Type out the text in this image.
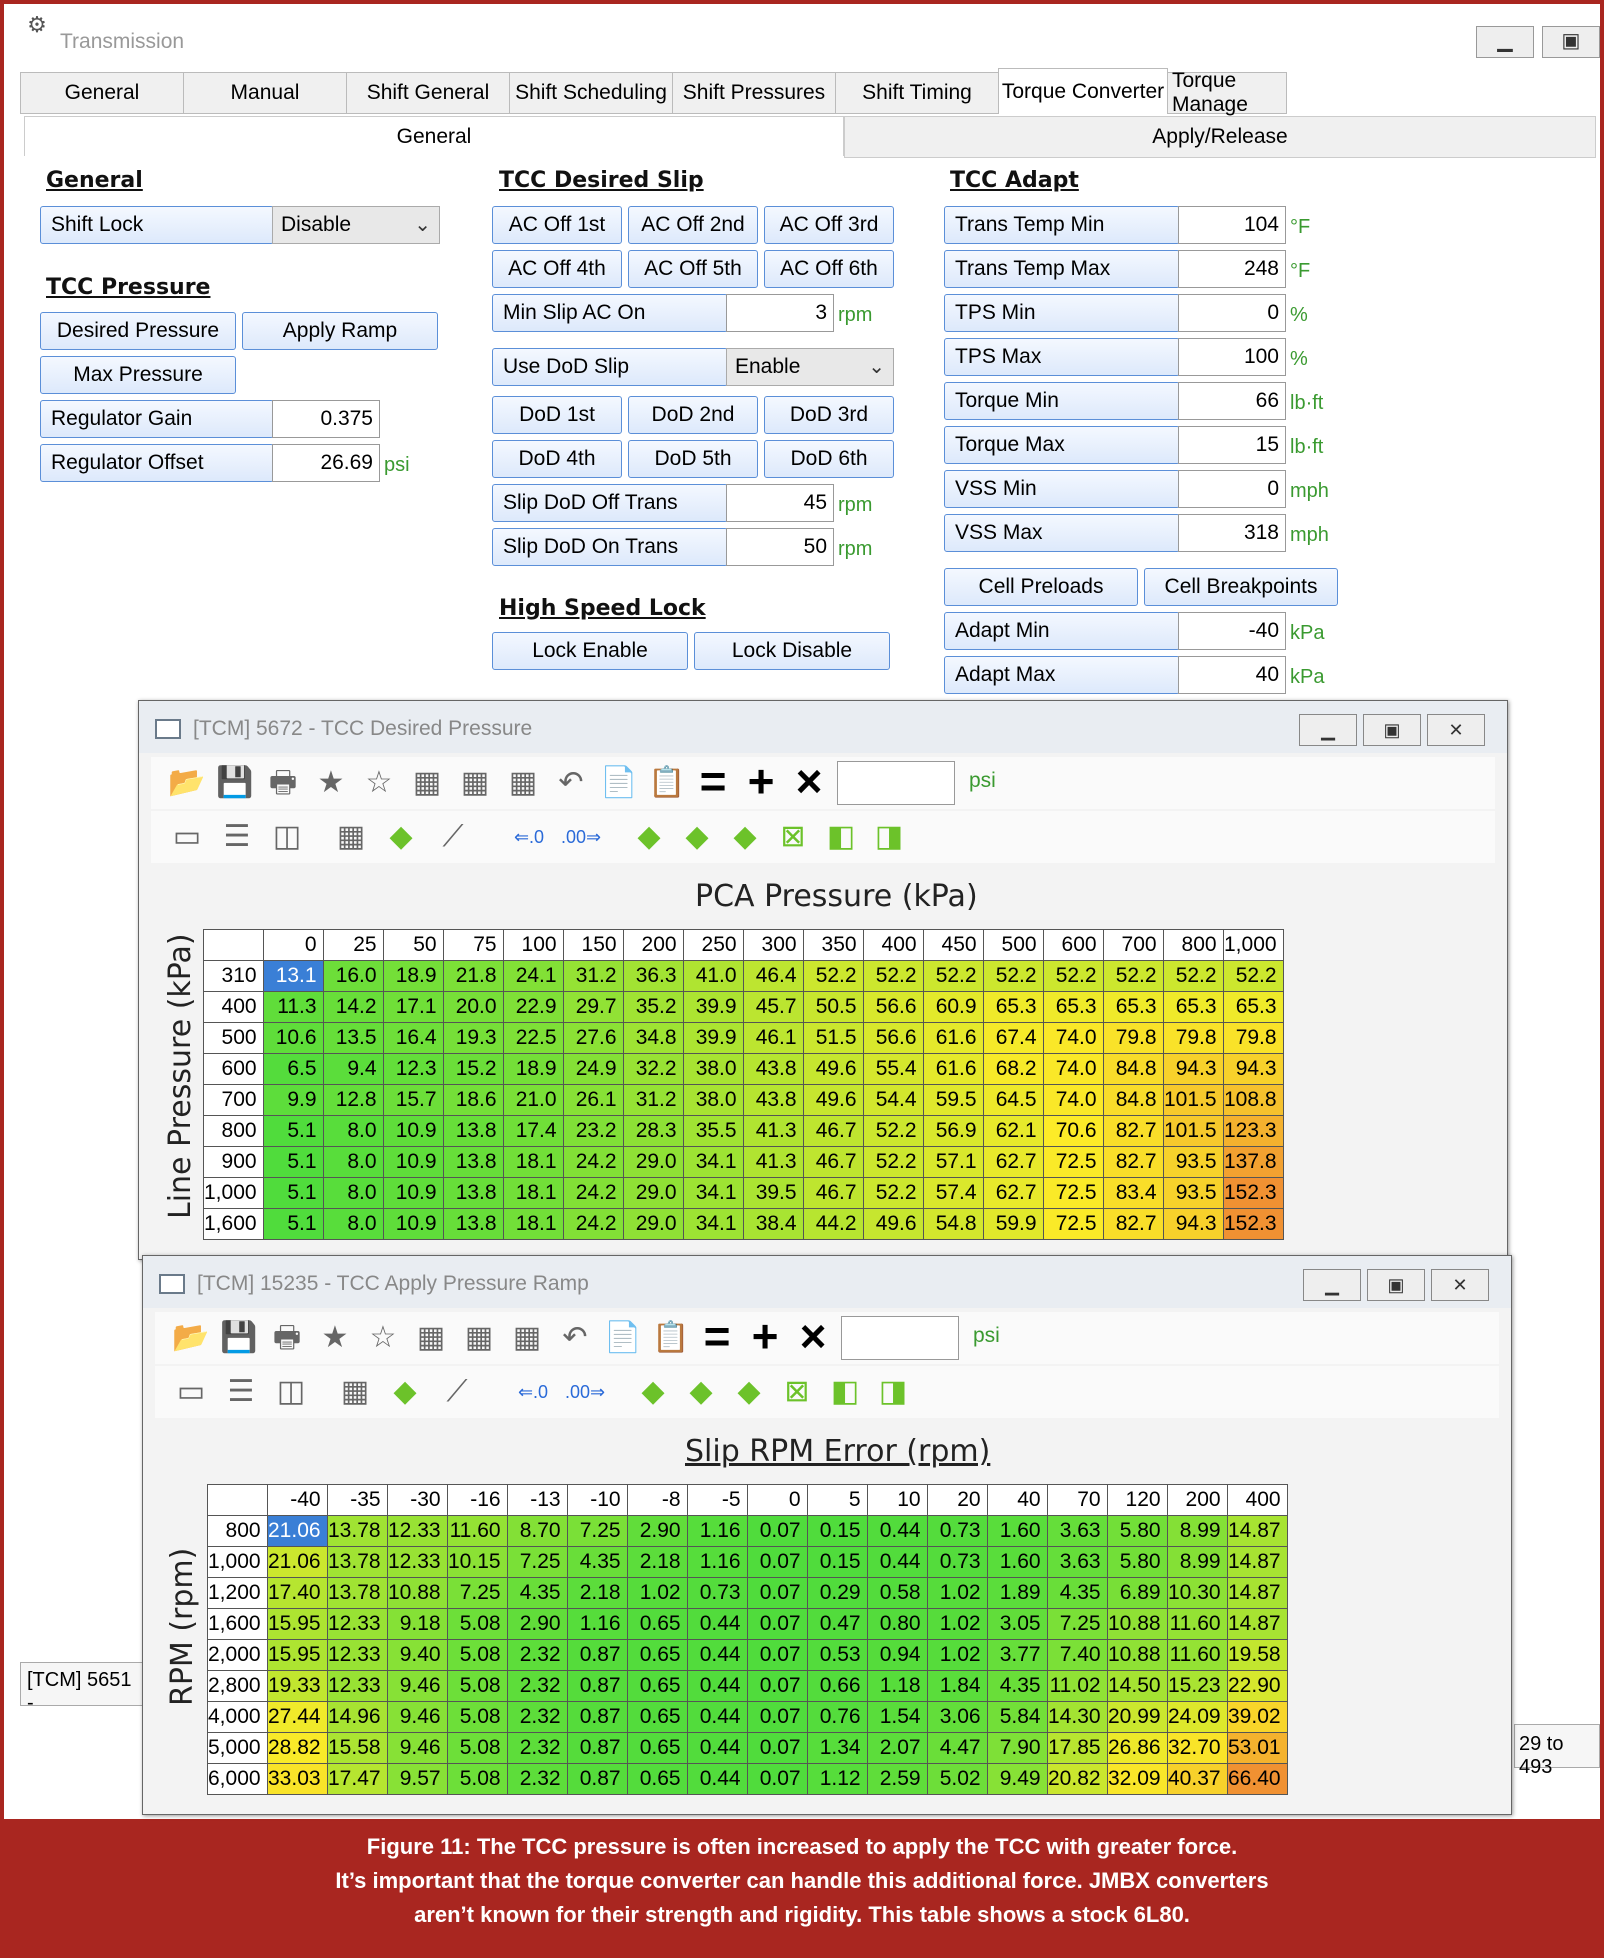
⚙
Transmission	▁	▣
General	Manual	Shift General	Shift Scheduling Shift Pressures	Shift Timing	Torque Converter Torque Manage
General	Apply/Release
General
Shift Lock	Disable	⌄
TCC Pressure
Desired Pressure	Apply Ramp
Max Pressure
Regulator Gain	0.375
Regulator Offset	26.69 psi
TCC Desired Slip
AC Off 1st	AC Off 2nd	AC Off 3rd
AC Off 4th	AC Off 5th	AC Off 6th
Min Slip AC On	3 rpm
Use DoD Slip	Enable	⌄
DoD 1st	DoD 2nd	DoD 3rd
DoD 4th	DoD 5th	DoD 6th
Slip DoD Off Trans	45 rpm
Slip DoD On Trans	50 rpm
High Speed Lock
Lock Enable	Lock Disable
TCC Adapt
Cell Preloads	Cell Breakpoints
Adapt Min	-40 kPa
Adapt Max	40 kPa
[TCM] 5651 -
29 to 493
Trans Temp Min	104 °F
Trans Temp Max	248 °F
TPS Min	0 %
TPS Max	100 %
Torque Min	66 lb·ft
Torque Max	15 lb·ft
VSS Min	0 mph
VSS Max	318 mph
[TCM] 5672 - TCC Desired Pressure	▁	▣	✕
PCA Pressure (kPa)
Line Pressure (kPa)
		0	25	50	75	100	150	200	250	300	350	400	450	500	600	700	800	1,000
310	13.1	16.0	18.9	21.8	24.1	31.2	36.3	41.0	46.4	52.2	52.2	52.2	52.2	52.2	52.2	52.2	52.2
400	11.3	14.2	17.1	20.0	22.9	29.7	35.2	39.9	45.7	50.5	56.6	60.9	65.3	65.3	65.3	65.3	65.3
500	10.6	13.5	16.4	19.3	22.5	27.6	34.8	39.9	46.1	51.5	56.6	61.6	67.4	74.0	79.8	79.8	79.8
600	6.5	9.4	12.3	15.2	18.9	24.9	32.2	38.0	43.8	49.6	55.4	61.6	68.2	74.0	84.8	94.3	94.3
700	9.9	12.8	15.7	18.6	21.0	26.1	31.2	38.0	43.8	49.6	54.4	59.5	64.5	74.0	84.8	101.5	108.8
800	5.1	8.0	10.9	13.8	17.4	23.2	28.3	35.5	41.3	46.7	52.2	56.9	62.1	70.6	82.7	101.5	123.3
900	5.1	8.0	10.9	13.8	18.1	24.2	29.0	34.1	41.3	46.7	52.2	57.1	62.7	72.5	82.7	93.5	137.8
1,000	5.1	8.0	10.9	13.8	18.1	24.2	29.0	34.1	39.5	46.7	52.2	57.4	62.7	72.5	83.4	93.5	152.3
1,600	5.1	8.0	10.9	13.8	18.1	24.2	29.0	34.1	38.4	44.2	49.6	54.8	59.9	72.5	82.7	94.3	152.3
📂 💾 🖶 ★ ☆ ▦ ▦ ▦ ↶ 📄 📋 = + ×	psi
▭ ☰ ◫ ▦ ◆ ⟋	⇐.0 .00⇒	◆ ◆ ◆ ⊠ ◧ ◨
[TCM] 15235 - TCC Apply Pressure Ramp	▁	▣	✕
Slip RPM Error (rpm)
RPM (rpm)
	-40	-35	-30	-16	-13	-10	-8	-5	0	5	10	20	40	70	120	200	400
800	21.06	13.78	12.33	11.60	8.70	7.25	2.90	1.16	0.07	0.15	0.44	0.73	1.60	3.63	5.80	8.99	14.87
1,000	21.06	13.78	12.33	10.15	7.25	4.35	2.18	1.16	0.07	0.15	0.44	0.73	1.60	3.63	5.80	8.99	14.87
1,200	17.40	13.78	10.88	7.25	4.35	2.18	1.02	0.73	0.07	0.29	0.58	1.02	1.89	4.35	6.89	10.30	14.87
1,600	15.95	12.33	9.18	5.08	2.90	1.16	0.65	0.44	0.07	0.47	0.80	1.02	3.05	7.25	10.88	11.60	14.87
2,000	15.95	12.33	9.40	5.08	2.32	0.87	0.65	0.44	0.07	0.53	0.94	1.02	3.77	7.40	10.88	11.60	19.58
2,800	19.33	12.33	9.46	5.08	2.32	0.87	0.65	0.44	0.07	0.66	1.18	1.84	4.35	11.02	14.50	15.23	22.90
4,000	27.44	14.96	9.46	5.08	2.32	0.87	0.65	0.44	0.07	0.76	1.54	3.06	5.84	14.30	20.99	24.09	39.02
5,000	28.82	15.58	9.46	5.08	2.32	0.87	0.65	0.44	0.07	1.34	2.07	4.47	7.90	17.85	26.86	32.70	53.01
6,000	33.03	17.47	9.57	5.08	2.32	0.87	0.65	0.44	0.07	1.12	2.59	5.02	9.49	20.82	32.09	40.37	66.40
📂 💾 🖶 ★ ☆ ▦ ▦ ▦ ↶ 📄 📋 = + ×	psi
▭ ☰ ◫ ▦ ◆ ⟋	⇐.0 .00⇒	◆ ◆ ◆ ⊠ ◧ ◨
Figure 11: The TCC pressure is often increased to apply the TCC with greater force.
It’s important that the torque converter can handle this additional force. JMBX converters
aren’t known for their strength and rigidity. This table shows a stock 6L80.
